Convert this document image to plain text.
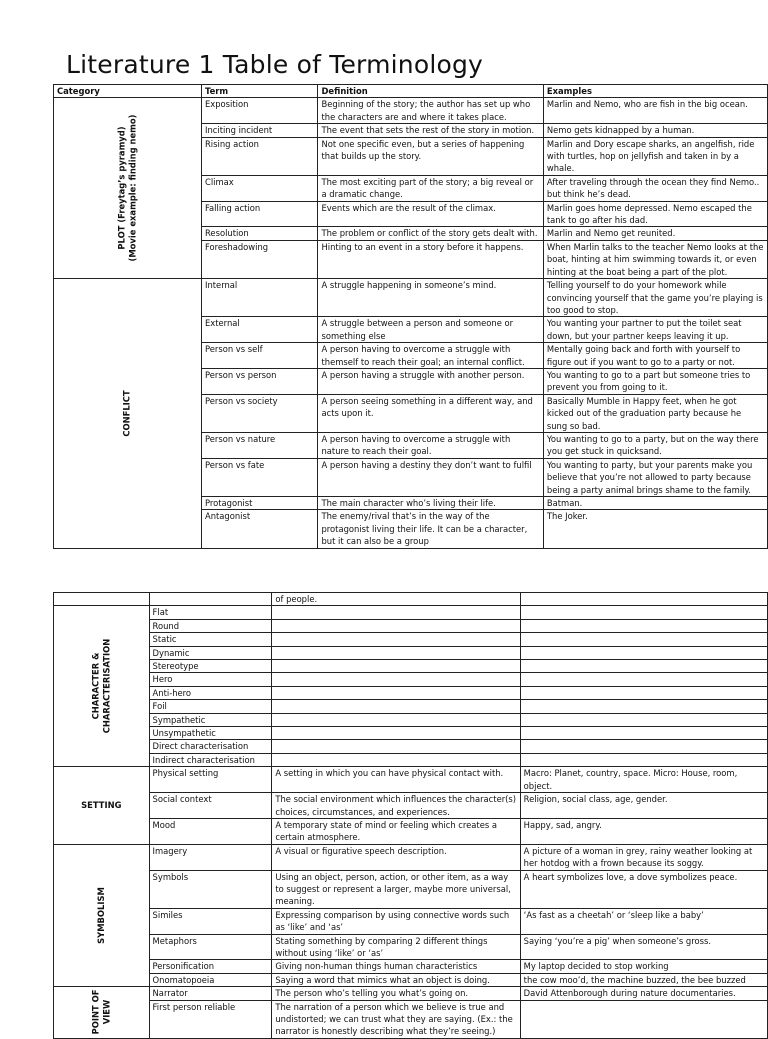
Literature 1 Table of Terminology
Category	Term	Definition	Examples
PLOT (Freytag’s pyramyd)
(Movie example: finding nemo)	Exposition	Beginning of the story; the author has set up who the characters are and where it takes place.	Marlin and Nemo, who are fish in the big ocean.
	Inciting incident	The event that sets the rest of the story in motion.	Nemo gets kidnapped by a human.
	Rising action	Not one specific even, but a series of happening that builds up the story.	Marlin and Dory escape sharks, an angelfish, ride with turtles, hop on jellyfish and taken in by a whale.
	Climax	The most exciting part of the story; a big reveal or a dramatic change.	After traveling through the ocean they find Nemo.. but think he’s dead.
	Falling action	Events which are the result of the climax.	Marlin goes home depressed. Nemo escaped the tank to go after his dad.
	Resolution	The problem or conflict of the story gets dealt with.	Marlin and Nemo get reunited.
	Foreshadowing	Hinting to an event in a story before it happens.	When Marlin talks to the teacher Nemo looks at the boat, hinting at him swimming towards it, or even hinting at the boat being a part of the plot.
CONFLICT	Internal	A struggle happening in someone’s mind.	Telling yourself to do your homework while convincing yourself that the game you’re playing is too good to stop.
	External	A struggle between a person and someone or something else	You wanting your partner to put the toilet seat down, but your partner keeps leaving it up.
	Person vs self	A person having to overcome a struggle with themself to reach their goal; an internal conflict.	Mentally going back and forth with yourself to figure out if you want to go to a party or not.
	Person vs person	A person having a struggle with another person.	You wanting to go to a part but someone tries to prevent you from going to it.
	Person vs society	A person seeing something in a different way, and acts upon it.	Basically Mumble in Happy feet, when he got kicked out of the graduation party because he sung so bad.
	Person vs nature	A person having to overcome a struggle with nature to reach their goal.	You wanting to go to a party, but on the way there you get stuck in quicksand.
	Person vs fate	A person having a destiny they don’t want to fulfil	You wanting to party, but your parents make you believe that you’re not allowed to party because being a party animal brings shame to the family.
	Protagonist	The main character who’s living their life.	Batman.
	Antagonist	The enemy/rival that’s in the way of the protagonist living their life. It can be a character, but it can also be a group	The Joker.
		of people.	
CHARACTER &
CHARACTERISATION	Flat		
	Round		
	Static		
	Dynamic		
	Stereotype		
	Hero		
	Anti-hero		
	Foil		
	Sympathetic		
	Unsympathetic		
	Direct characterisation		
	Indirect characterisation		
SETTING	Physical setting	A setting in which you can have physical contact with.	Macro: Planet, country, space. Micro: House, room, object.
	Social context	The social environment which influences the character(s) choices, circumstances, and experiences.	Religion, social class, age, gender.
	Mood	A temporary state of mind or feeling which creates a certain atmosphere.	Happy, sad, angry.
SYMBOLISM	Imagery	A visual or figurative speech description.	A picture of a woman in grey, rainy weather looking at her hotdog with a frown because its soggy.
	Symbols	Using an object, person, action, or other item, as a way to suggest or represent a larger, maybe more universal, meaning.	A heart symbolizes love, a dove symbolizes peace.
	Similes	Expressing comparison by using connective words such as ‘like’ and ‘as’	‘As fast as a cheetah’ or ‘sleep like a baby’
	Metaphors	Stating something by comparing 2 different things without using ‘like’ or ‘as’	Saying ‘you’re a pig’ when someone’s gross.
	Personification	Giving non-human things human characteristics	My laptop decided to stop working
	Onomatopoeia	Saying a word that mimics what an object is doing.	the cow moo’d, the machine buzzed, the bee buzzed
POINT OF
VIEW	Narrator	The person who’s telling you what’s going on.	David Attenborough during nature documentaries.
	First person reliable	The narration of a person which we believe is true and undistorted; we can trust what they are saying. (Ex.: the narrator is honestly describing what they’re seeing.)	
